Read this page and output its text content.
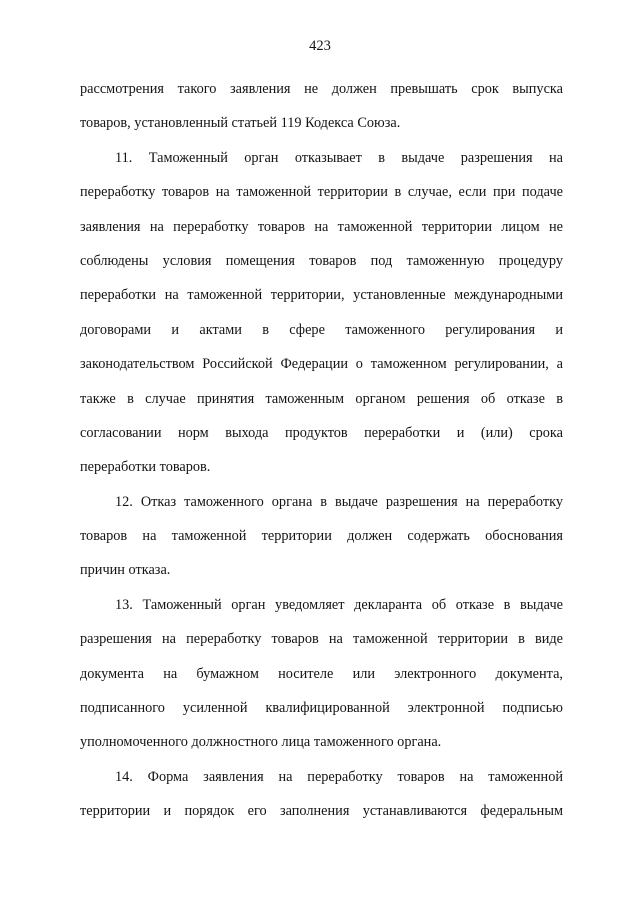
423
рассмотрения такого заявления не должен превышать срок выпуска
товаров, установленный статьей 119 Кодекса Союза.
11. Таможенный орган отказывает в выдаче разрешения на
переработку товаров на таможенной территории в случае, если при подаче
заявления на переработку товаров на таможенной территории лицом не
соблюдены условия помещения товаров под таможенную процедуру
переработки на таможенной территории, установленные международными
договорами и актами в сфере таможенного регулирования и
законодательством Российской Федерации о таможенном регулировании, а
также в случае принятия таможенным органом решения об отказе в
согласовании норм выхода продуктов переработки и (или) срока
переработки товаров.
12. Отказ таможенного органа в выдаче разрешения на переработку
товаров на таможенной территории должен содержать обоснования
причин отказа.
13. Таможенный орган уведомляет декларанта об отказе в выдаче
разрешения на переработку товаров на таможенной территории в виде
документа на бумажном носителе или электронного документа,
подписанного усиленной квалифицированной электронной подписью
уполномоченного должностного лица таможенного органа.
14. Форма заявления на переработку товаров на таможенной
территории и порядок его заполнения устанавливаются федеральным
